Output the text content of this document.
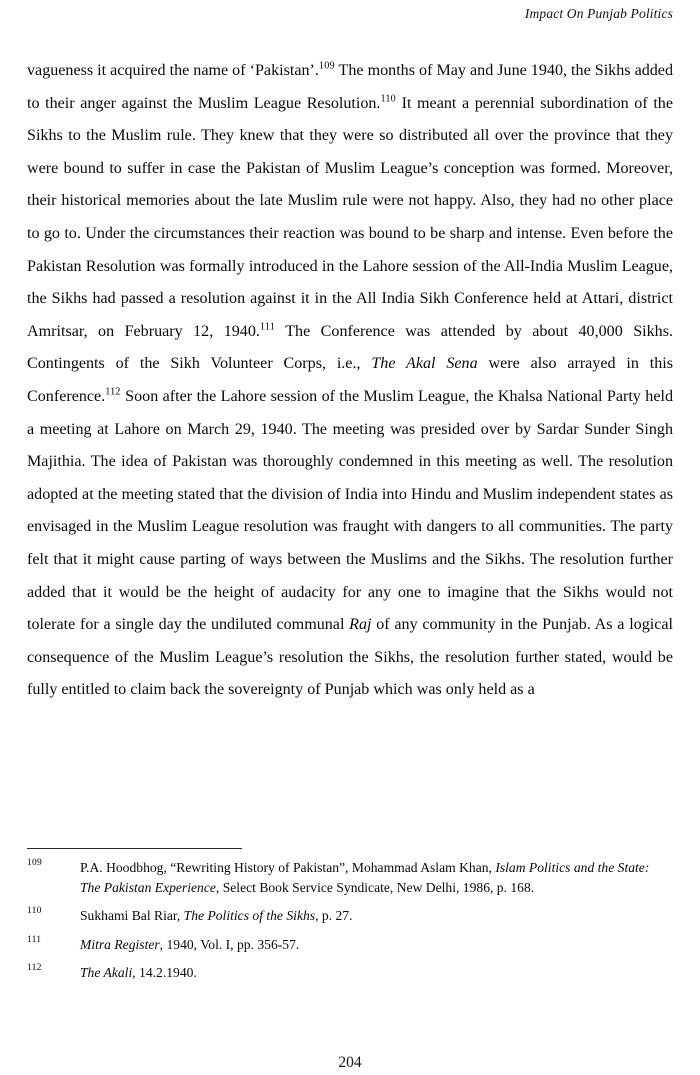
Impact On Punjab Politics

vagueness it acquired the name of ‘Pakistan’.$^{109}$ The months of May and June 1940, the Sikhs added to their anger against the Muslim League Resolution.$^{110}$ It meant a perennial subordination of the Sikhs to the Muslim rule. They knew that they were so distributed all over the province that they were bound to suffer in case the Pakistan of Muslim League’s conception was formed. Moreover, their historical memories about the late Muslim rule were not happy. Also, they had no other place to go to. Under the circumstances their reaction was bound to be sharp and intense. Even before the Pakistan Resolution was formally introduced in the Lahore session of the All-India Muslim League, the Sikhs had passed a resolution against it in the All India Sikh Conference held at Attari, district Amritsar, on February 12, 1940.$^{111}$ The Conference was attended by about 40,000 Sikhs. Contingents of the Sikh Volunteer Corps, i.e., The Akal Sena were also arrayed in this Conference.$^{112}$ Soon after the Lahore session of the Muslim League, the Khalsa National Party held a meeting at Lahore on March 29, 1940. The meeting was presided over by Sardar Sunder Singh Majithia. The idea of Pakistan was thoroughly condemned in this meeting as well. The resolution adopted at the meeting stated that the division of India into Hindu and Muslim independent states as envisaged in the Muslim League resolution was fraught with dangers to all communities. The party felt that it might cause parting of ways between the Muslims and the Sikhs. The resolution further added that it would be the height of audacity for any one to imagine that the Sikhs would not tolerate for a single day the undiluted communal Raj of any community in the Punjab. As a logical consequence of the Muslim League’s resolution the Sikhs, the resolution further stated, would be fully entitled to claim back the sovereignty of Punjab which was only held as a

109	P.A. Hoodbhog, “Rewriting History of Pakistan”, Mohammad Aslam Khan, Islam Politics and the State: The Pakistan Experience, Select Book Service Syndicate, New Delhi, 1986, p. 168.
110	Sukhami Bal Riar, The Politics of the Sikhs, p. 27.
111	Mitra Register, 1940, Vol. I, pp. 356-57.
112	The Akali, 14.2.1940.
204
